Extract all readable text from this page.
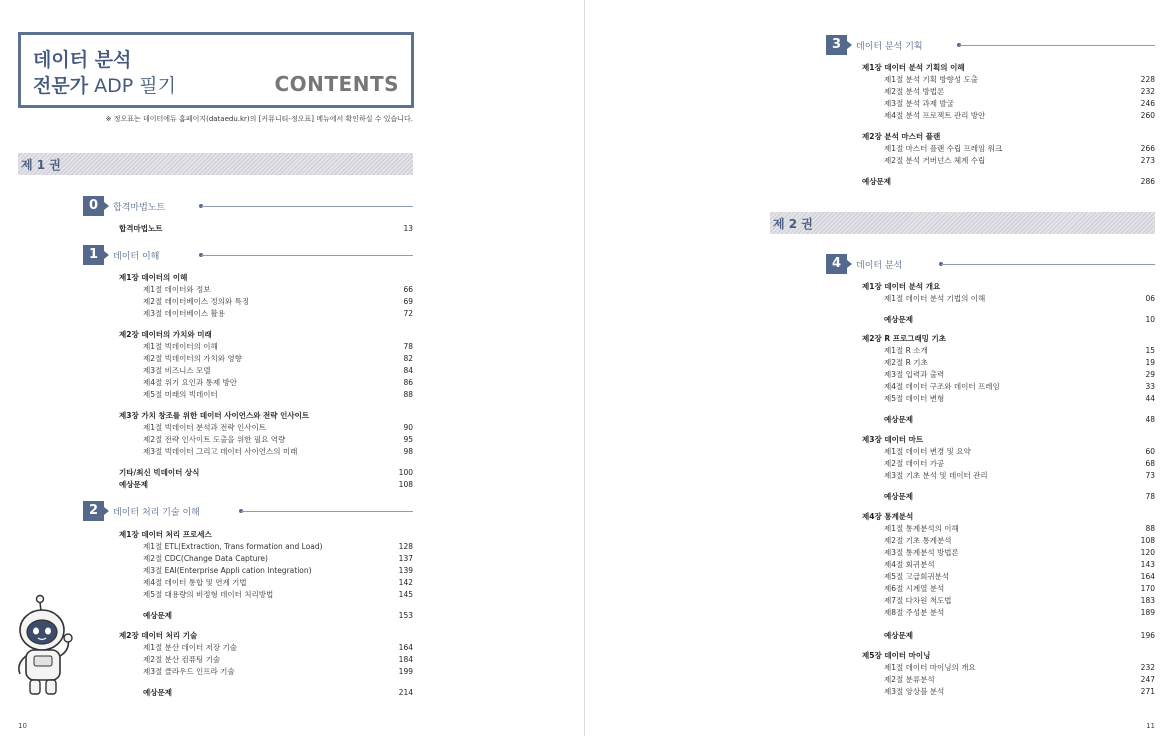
데이터 분석
전문가 ADP 필기	CONTENTS
※ 정오표는 데이터에듀 홈페이지(dataedu.kr)의 [커뮤니티-정오표] 메뉴에서 확인하실 수 있습니다.
제 1 권
0	합격마법노트
1	데이터 이해
2	데이터 처리 기술 이해
합격마법노트	13
제1장 데이터의 이해
제1절 데이터와 정보	66
제2절 데이터베이스 정의와 특징	69
제3절 데이터베이스 활용	72
제2장 데이터의 가치와 미래
제1절 빅데이터의 이해	78
제2절 빅데이터의 가치와 영향	82
제3절 비즈니스 모델	84
제4절 위기 요인과 통제 방안	86
제5절 미래의 빅데이터	88
제3장 가치 창조를 위한 데이터 사이언스와 전략 인사이트
제1절 빅데이터 분석과 전략 인사이트	90
제2절 전략 인사이트 도출을 위한 필요 역량	95
제3절 빅데이터 그리고 데이터 사이언스의 미래	98
기타/최신 빅데이터 상식	100
예상문제	108
제1장 데이터 처리 프로세스
제1절 ETL(Extraction, Trans formation and Load)	128
제2절 CDC(Change Data Capture)	137
제3절 EAI(Enterprise Appli cation Integration)	139
제4절 데이터 통합 및 연계 기법	142
제5절 대용량의 비정형 데이터 처리방법	145
예상문제	153
제2장 데이터 처리 기술
제1절 분산 데이터 저장 기술	164
제2절 분산 컴퓨팅 기술	184
제3절 클라우드 인프라 기술	199
예상문제	214
10
3	데이터 분석 기획
제1장 데이터 분석 기획의 이해
제1절 분석 기획 방향성 도출	228
제2절 분석 방법론	232
제3절 분석 과제 발굴	246
제4절 분석 프로젝트 관리 방안	260
제2장 분석 마스터 플랜
제1절 마스터 플랜 수립 프레임 워크	266
제2절 분석 거버넌스 체계 수립	273
예상문제	286
제 2 권
4	데이터 분석
제1장 데이터 분석 개요
제1절 데이터 분석 기법의 이해	06
예상문제	10
제2장 R 프로그래밍 기초
제1절 R 소개	15
제2절 R 기초	19
제3절 입력과 출력	29
제4절 데이터 구조와 데이터 프레임	33
제5절 데이터 변형	44
예상문제	48
제3장 데이터 마트
제1절 데이터 변경 및 요약	60
제2절 데이터 가공	68
제3절 기초 분석 및 데이터 관리	73
예상문제	78
제4장 통계분석
제1절 통계분석의 이해	88
제2절 기초 통계분석	108
제3절 통계분석 방법론	120
제4절 회귀분석	143
제5절 고급회귀분석	164
제6절 시계열 분석	170
제7절 다차원 척도법	183
제8절 주성분 분석	189
예상문제	196
제5장 데이터 마이닝
제1절 데이터 마이닝의 개요	232
제2절 분류분석	247
제3절 앙상블 분석	271
11
